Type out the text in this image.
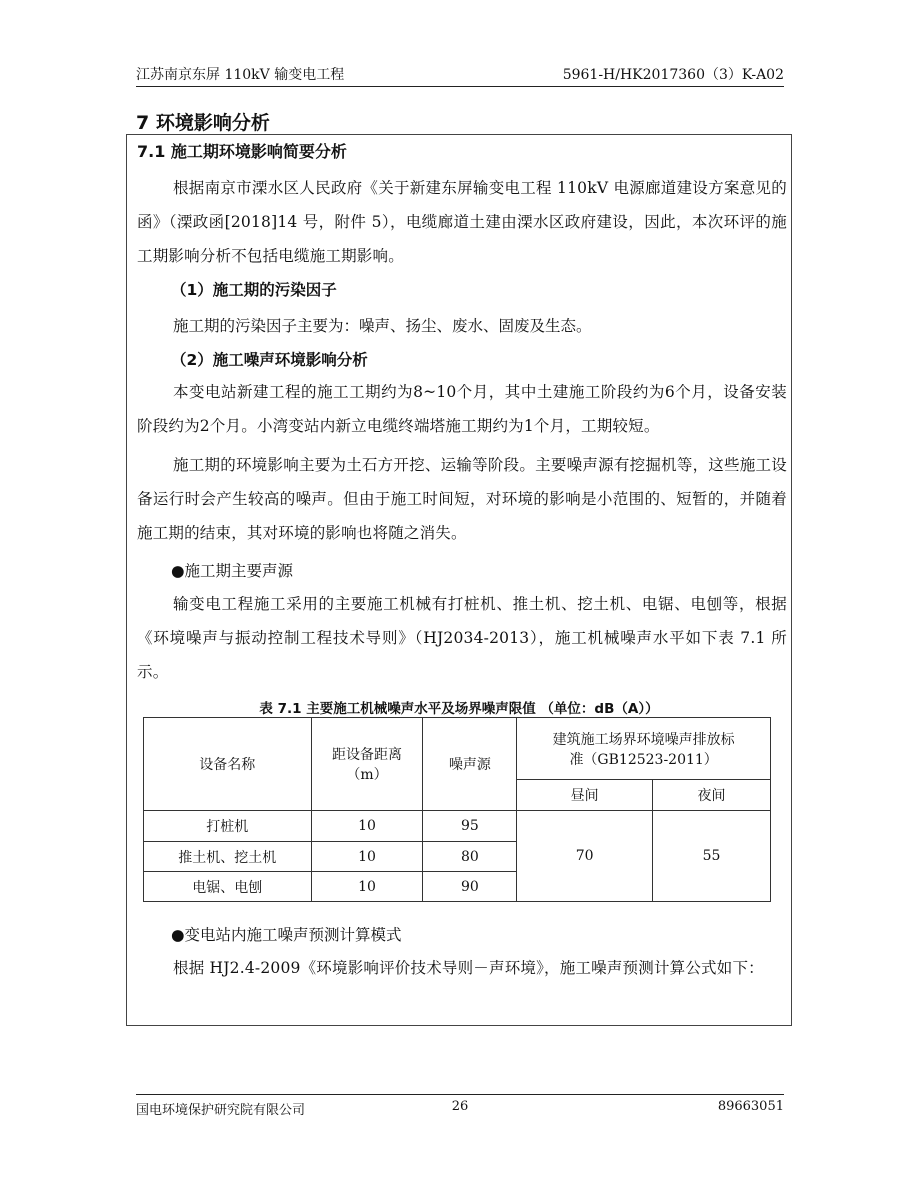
江苏南京东屏 110kV 输变电工程	5961-H/HK2017360（3）K-A02
7 环境影响分析
7.1 施工期环境影响简要分析
根据南京市溧水区人民政府《关于新建东屏输变电工程 110kV 电源廊道建设方案意见的函》（溧政函[2018]14 号，附件 5），电缆廊道土建由溧水区政府建设，因此，本次环评的施工期影响分析不包括电缆施工期影响。
（1）施工期的污染因子
施工期的污染因子主要为：噪声、扬尘、废水、固废及生态。
（2）施工噪声环境影响分析
本变电站新建工程的施工工期约为8~10个月，其中土建施工阶段约为6个月，设备安装阶段约为2个月。小湾变站内新立电缆终端塔施工期约为1个月，工期较短。
施工期的环境影响主要为土石方开挖、运输等阶段。主要噪声源有挖掘机等，这些施工设备运行时会产生较高的噪声。但由于施工时间短，对环境的影响是小范围的、短暂的，并随着施工期的结束，其对环境的影响也将随之消失。
●施工期主要声源
输变电工程施工采用的主要施工机械有打桩机、推土机、挖土机、电锯、电刨等，根据《环境噪声与振动控制工程技术导则》（HJ2034-2013），施工机械噪声水平如下表 7.1 所示。
表 7.1 主要施工机械噪声水平及场界噪声限值 （单位：dB（A））
设备名称	距设备距离（m）	噪声源	建筑施工场界环境噪声排放标准（GB12523-2011）	
			昼间	夜间
打桩机	10	95	70	55
推土机、挖土机	10	80		
电锯、电刨	10	90		
●变电站内施工噪声预测计算模式
根据 HJ2.4-2009《环境影响评价技术导则－声环境》，施工噪声预测计算公式如下：
国电环境保护研究院有限公司	26	89663051
